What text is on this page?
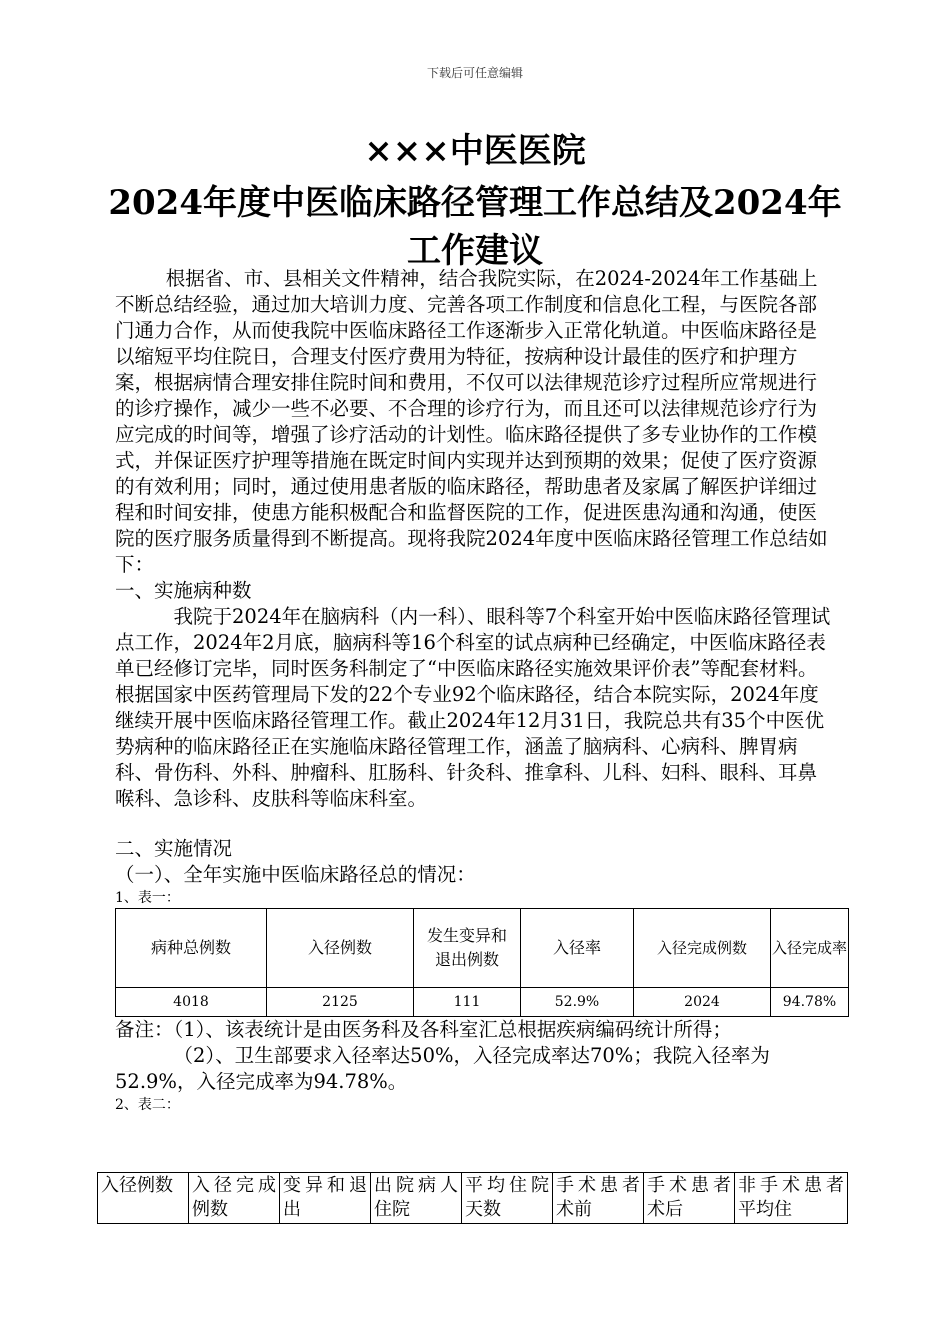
下载后可任意编辑
×××中医医院
2024年度中医临床路径管理工作总结及2024年
工作建议

根据省、市、县相关文件精神，结合我院实际，在2024-2024年工作基础上不断总结经验，通过加大培训力度、完善各项工作制度和信息化工程，与医院各部门通力合作，从而使我院中医临床路径工作逐渐步入正常化轨道。中医临床路径是以缩短平均住院日，合理支付医疗费用为特征，按病种设计最佳的医疗和护理方案，根据病情合理安排住院时间和费用，不仅可以法律规范诊疗过程所应常规进行的诊疗操作，减少一些不必要、不合理的诊疗行为，而且还可以法律规范诊疗行为应完成的时间等，增强了诊疗活动的计划性。临床路径提供了多专业协作的工作模式，并保证医疗护理等措施在既定时间内实现并达到预期的效果；促使了医疗资源的有效利用；同时，通过使用患者版的临床路径，帮助患者及家属了解医护详细过程和时间安排，使患方能积极配合和监督医院的工作，促进医患沟通和沟通，使医院的医疗服务质量得到不断提高。现将我院2024年度中医临床路径管理工作总结如下：

一、实施病种数

我院于2024年在脑病科（内一科）、眼科等7个科室开始中医临床路径管理试点工作，2024年2月底，脑病科等16个科室的试点病种已经确定，中医临床路径表单已经修订完毕，同时医务科制定了“中医临床路径实施效果评价表”等配套材料。根据国家中医药管理局下发的22个专业92个临床路径，结合本院实际，2024年度继续开展中医临床路径管理工作。截止2024年12月31日，我院总共有35个中医优势病种的临床路径正在实施临床路径管理工作，涵盖了脑病科、心病科、脾胃病科、骨伤科、外科、肿瘤科、肛肠科、针灸科、推拿科、儿科、妇科、眼科、耳鼻喉科、急诊科、皮肤科等临床科室。

二、实施情况

（一）、全年实施中医临床路径总的情况：

1、表一：

病种总例数	入径例数	发生变异和退出例数	入径率	入径完成例数	入径完成率
4018	2125	111	52.9%	2024	94.78%

备注：（1）、该表统计是由医务科及各科室汇总根据疾病编码统计所得；

（2）、卫生部要求入径率达50%，入径完成率达70%；我院入径率为52.9%，入径完成率为94.78%。

2、表二：

入径例数	入径完成例数	变异和退出	出院病人住院	平均住院天数	手术患者术前	手术患者术后	非手术患者平均住
